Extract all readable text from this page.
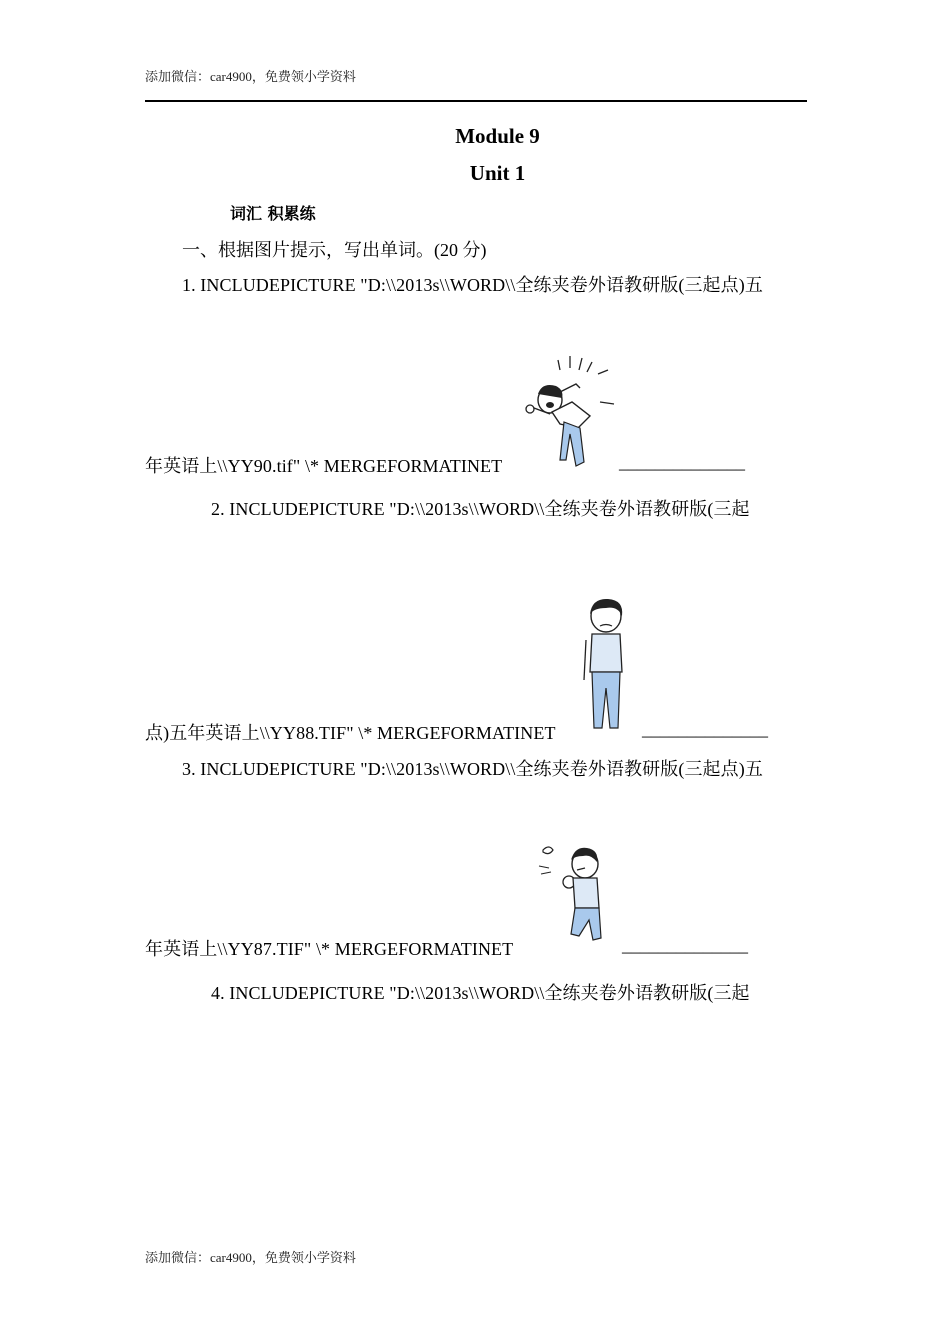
添加微信：car4900，免费领小学资料
Module 9
Unit 1
词汇 积累练
一、根据图片提示，写出单词。(20 分)
1. INCLUDEPICTURE "D:\\2013s\\WORD\\全练夹卷外语教研版(三起点)五
年英语上\\YY90.tif" \* MERGEFORMATINET	______________
2. INCLUDEPICTURE "D:\\2013s\\WORD\\全练夹卷外语教研版(三起
点)五年英语上\\YY88.TIF" \* MERGEFORMATINET	______________
3. INCLUDEPICTURE "D:\\2013s\\WORD\\全练夹卷外语教研版(三起点)五
年英语上\\YY87.TIF" \* MERGEFORMATINET	______________
4. INCLUDEPICTURE "D:\\2013s\\WORD\\全练夹卷外语教研版(三起
添加微信：car4900，免费领小学资料
